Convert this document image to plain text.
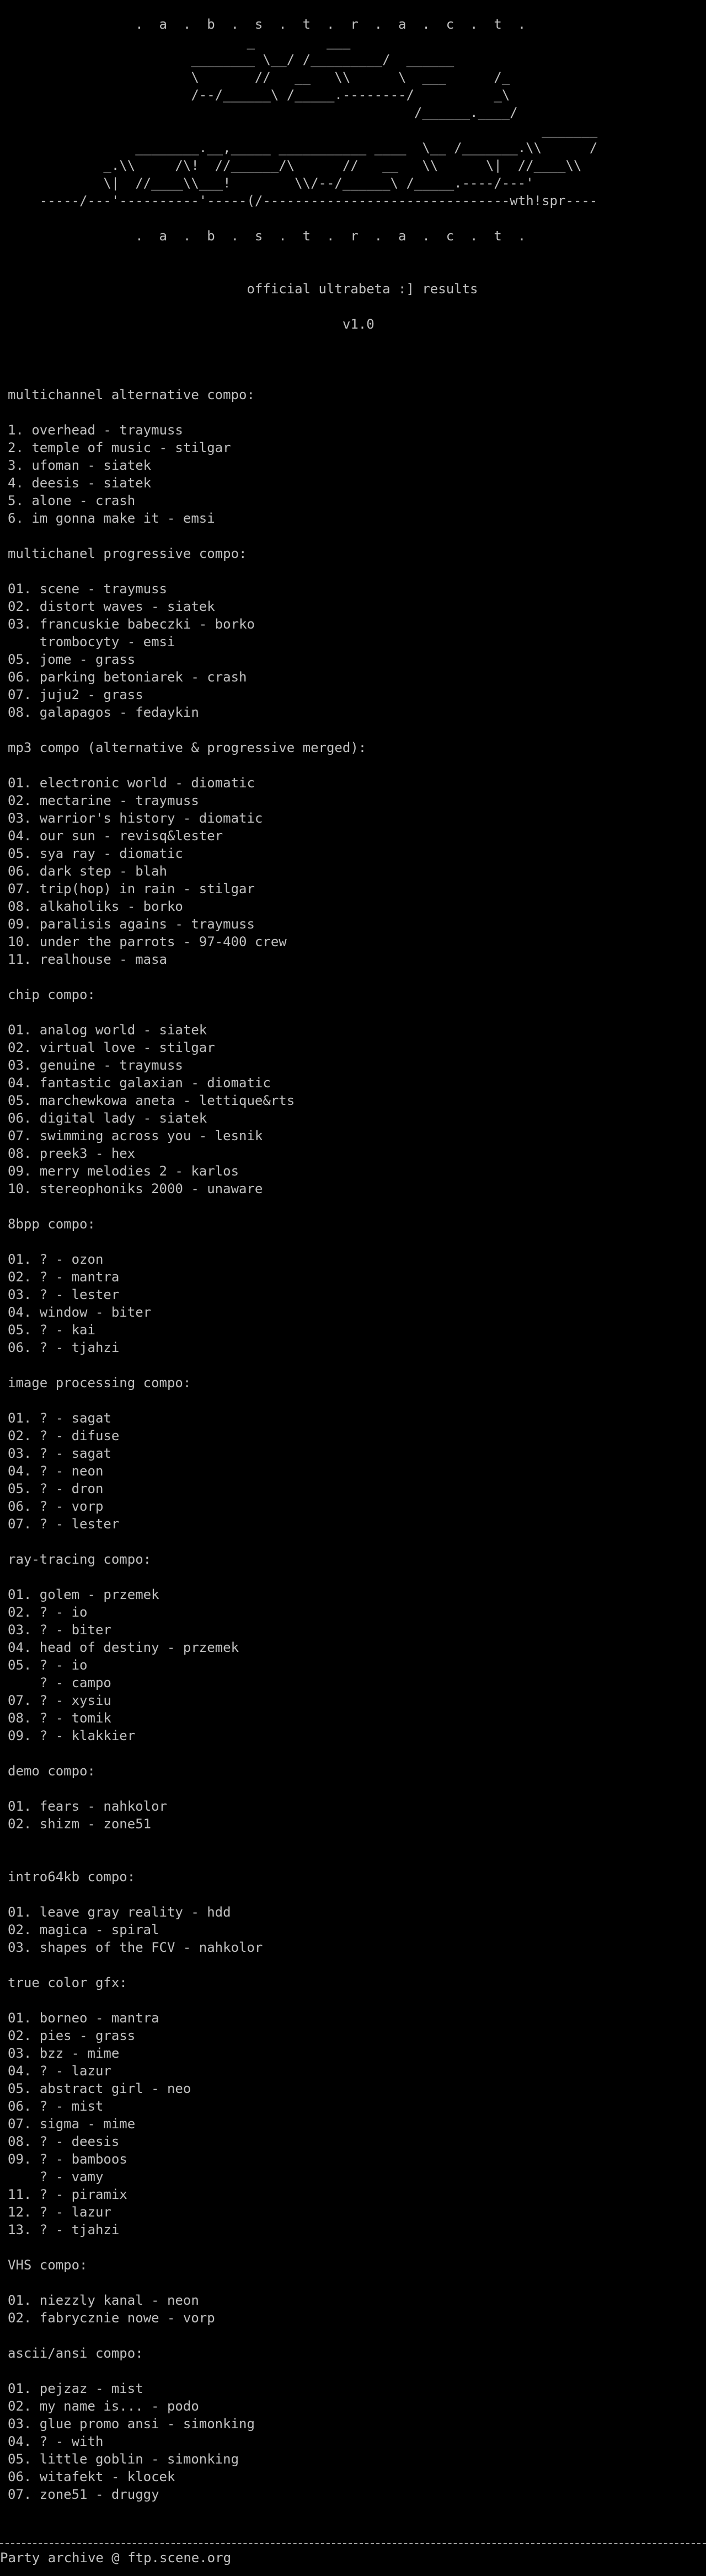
.  a  .  b  .  s  .  t  .  r  .  a  .  c  .  t  .
_         ___
________ \__/ /_________/  ______
\       //   __   \\      \  ___      /_
/--/______\ /_____.--------/          _\
/______.____/
_______
________.__,_____ ___________ ____  \__ /_______.\\      /
_.\\     /\!  //______/\      //   __   \\      \|  //____\\
\|  //____\\___!        \\/--/______\ /_____.----/---'
-----/---'----------'-----(/-------------------------------wth!spr----
.  a  .  b  .  s  .  t  .  r  .  a  .  c  .  t  .
official ultrabeta :] results
v1.0
multichannel alternative compo:
1. overhead - traymuss
2. temple of music - stilgar
3. ufoman - siatek
4. deesis - siatek
5. alone - crash
6. im gonna make it - emsi
multichanel progressive compo:
01. scene - traymuss
02. distort waves - siatek
03. francuskie babeczki - borko
trombocyty - emsi
05. jome - grass
06. parking betoniarek - crash
07. juju2 - grass
08. galapagos - fedaykin
mp3 compo (alternative & progressive merged):
01. electronic world - diomatic
02. mectarine - traymuss
03. warrior's history - diomatic
04. our sun - revisq&lester
05. sya ray - diomatic
06. dark step - blah
07. trip(hop) in rain - stilgar
08. alkaholiks - borko
09. paralisis agains - traymuss
10. under the parrots - 97-400 crew
11. realhouse - masa
chip compo:
01. analog world - siatek
02. virtual love - stilgar
03. genuine - traymuss
04. fantastic galaxian - diomatic
05. marchewkowa aneta - lettique&rts
06. digital lady - siatek
07. swimming across you - lesnik
08. preek3 - hex
09. merry melodies 2 - karlos
10. stereophoniks 2000 - unaware
8bpp compo:
01. ? - ozon
02. ? - mantra
03. ? - lester
04. window - biter
05. ? - kai
06. ? - tjahzi
image processing compo:
01. ? - sagat
02. ? - difuse
03. ? - sagat
04. ? - neon
05. ? - dron
06. ? - vorp
07. ? - lester
ray-tracing compo:
01. golem - przemek
02. ? - io
03. ? - biter
04. head of destiny - przemek
05. ? - io
? - campo
07. ? - xysiu
08. ? - tomik
09. ? - klakkier
demo compo:
01. fears - nahkolor
02. shizm - zone51
intro64kb compo:
01. leave gray reality - hdd
02. magica - spiral
03. shapes of the FCV - nahkolor
true color gfx:
01. borneo - mantra
02. pies - grass
03. bzz - mime
04. ? - lazur
05. abstract girl - neo
06. ? - mist
07. sigma - mime
08. ? - deesis
09. ? - bamboos
? - vamy
11. ? - piramix
12. ? - lazur
13. ? - tjahzi
VHS compo:
01. niezzly kanal - neon
02. fabrycznie nowe - vorp
ascii/ansi compo:
01. pejzaz - mist
02. my name is... - podo
03. glue promo ansi - simonking
04. ? - with
05. little goblin - simonking
06. witafekt - klocek
07. zone51 - druggy
Party archive @ ftp.scene.org
